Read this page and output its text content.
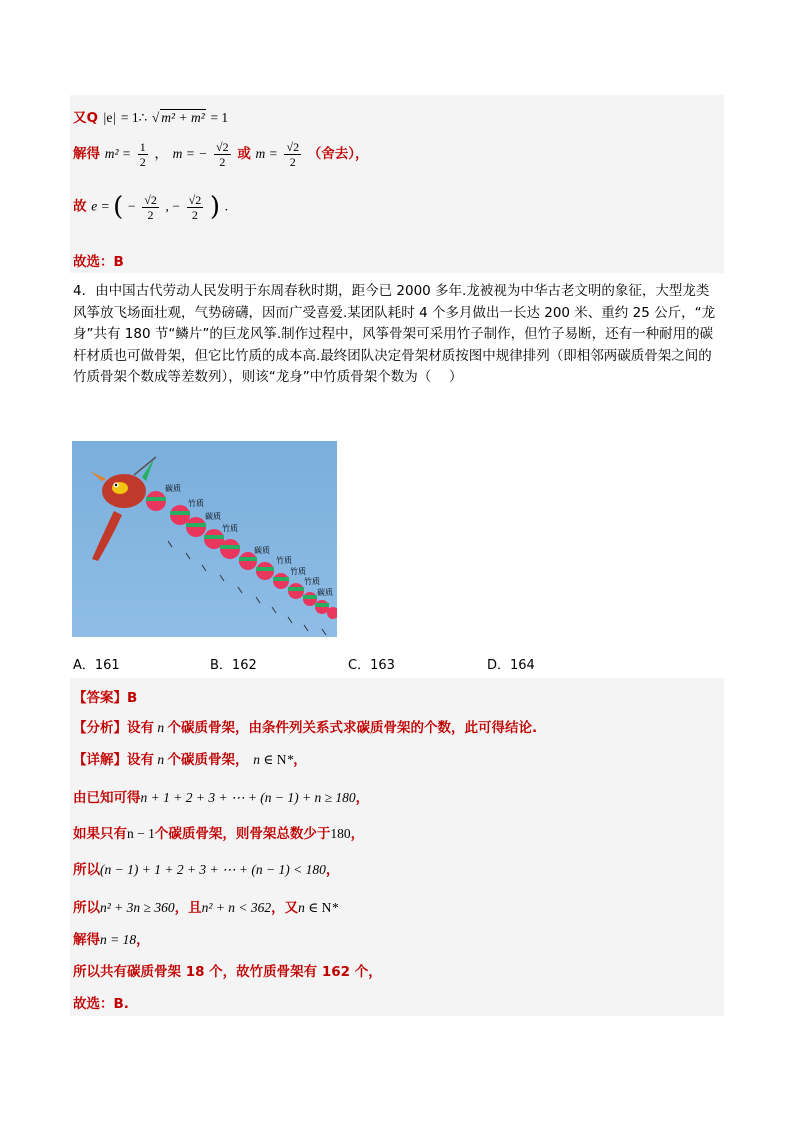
又Q |e| = 1∴ √ m² + m² = 1
解得 $m^2 = \frac{1}{2}$ ， m = − $\frac{√2}{2}$ 或 $m = \frac{√2}{2}$ （舍去），
故 e = ( − $\frac{√2}{2}$ , − $\frac{√2}{2}$ ) .
故选：B
4．由中国古代劳动人民发明于东周春秋时期，距今已 2000 多年.龙被视为中华古老文明的象征，大型龙类风筝放飞场面壮观，气势磅礴，因而广受喜爱.某团队耗时 4 个多月做出一长达 200 米、重约 25 公斤，“龙身”共有 180 节“鳞片”的巨龙风筝.制作过程中，风筝骨架可采用竹子制作，但竹子易断，还有一种耐用的碳杆材质也可做骨架，但它比竹质的成本高.最终团队决定骨架材质按图中规律排列（即相邻两碳质骨架之间的竹质骨架个数成等差数列），则该“龙身”中竹质骨架个数为（　 ）
碳质
竹质
碳质
竹质
碳质
竹质
竹质
竹质
碳质
A．161	B．162	C．163	D．164
【答案】B
【分析】设有 n 个碳质骨架，由条件列关系式求碳质骨架的个数，此可得结论.
【详解】设有 n 个碳质骨架， n ∈ N*，
由已知可得n + 1 + 2 + 3 + ⋯ + (n − 1) + n ≥ 180，
如果只有n − 1个碳质骨架，则骨架总数少于180，
所以(n − 1) + 1 + 2 + 3 + ⋯ + (n − 1) < 180，
所以n² + 3n ≥ 360，且n² + n < 362，又n ∈ N*
解得n = 18，
所以共有碳质骨架 18 个，故竹质骨架有 162 个，
故选：B.
